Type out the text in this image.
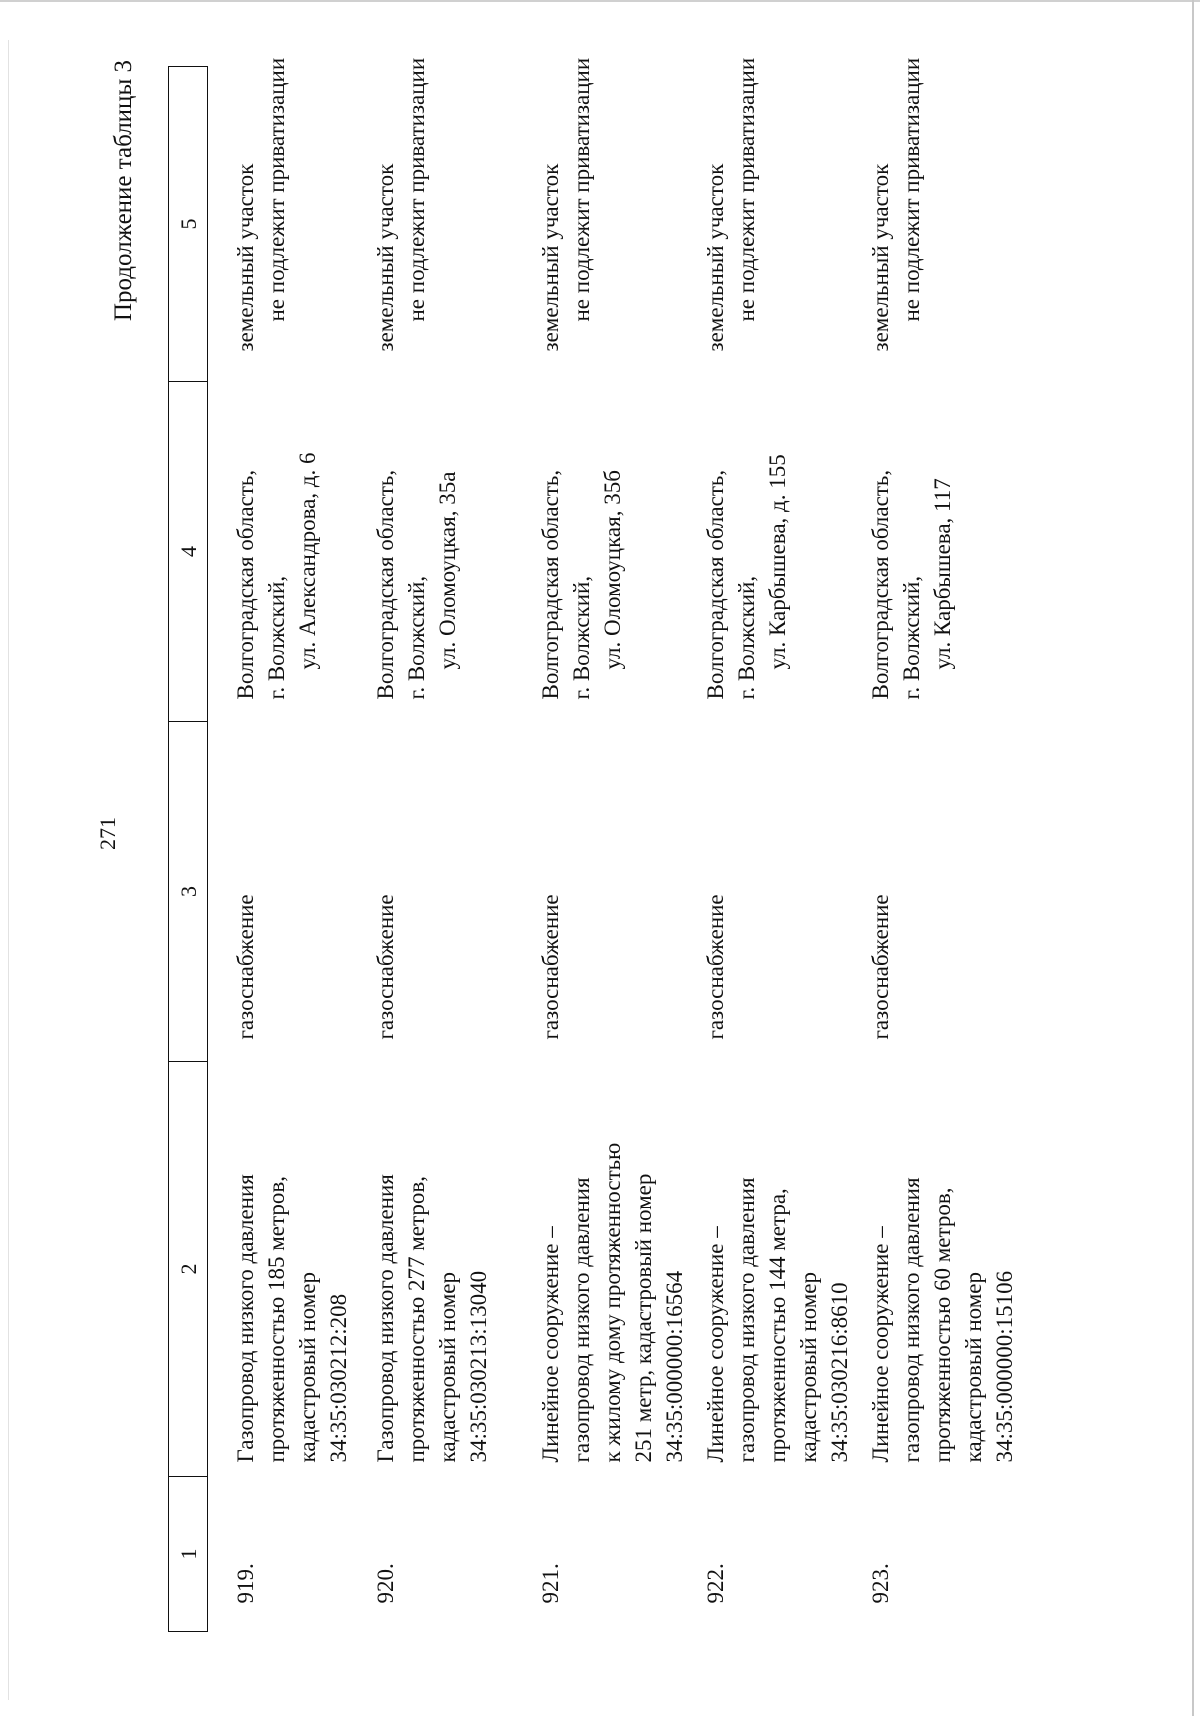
271
Продолжение таблицы 3
1	2	3	4	5
919.	Газопровод низкого давления протяженностью 185 метров, кадастровый номер 34:35:030212:208	газоснабжение	Волгоградская область, г. Волжский, ул. Александрова, д. 6	земельный участок не подлежит приватизации

920.	Газопровод низкого давления протяженностью 277 метров, кадастровый номер 34:35:030213:13040	газоснабжение	Волгоградская область, г. Волжский, ул. Оломоуцкая, 35а	земельный участок не подлежит приватизации

921.	Линейное сооружение – газопровод низкого давления к жилому дому протяженностью 251 метр, кадастровый номер 34:35:000000:16564	газоснабжение	Волгоградская область, г. Волжский, ул. Оломоуцкая, 35б	земельный участок не подлежит приватизации

922.	Линейное сооружение – газопровод низкого давления протяженностью 144 метра, кадастровый номер 34:35:030216:8610	газоснабжение	Волгоградская область, г. Волжский, ул. Карбышева, д. 155	земельный участок не подлежит приватизации

923.	Линейное сооружение – газопровод низкого давления протяженностью 60 метров, кадастровый номер 34:35:000000:15106	газоснабжение	Волгоградская область, г. Волжский, ул. Карбышева, 117	земельный участок не подлежит приватизации
